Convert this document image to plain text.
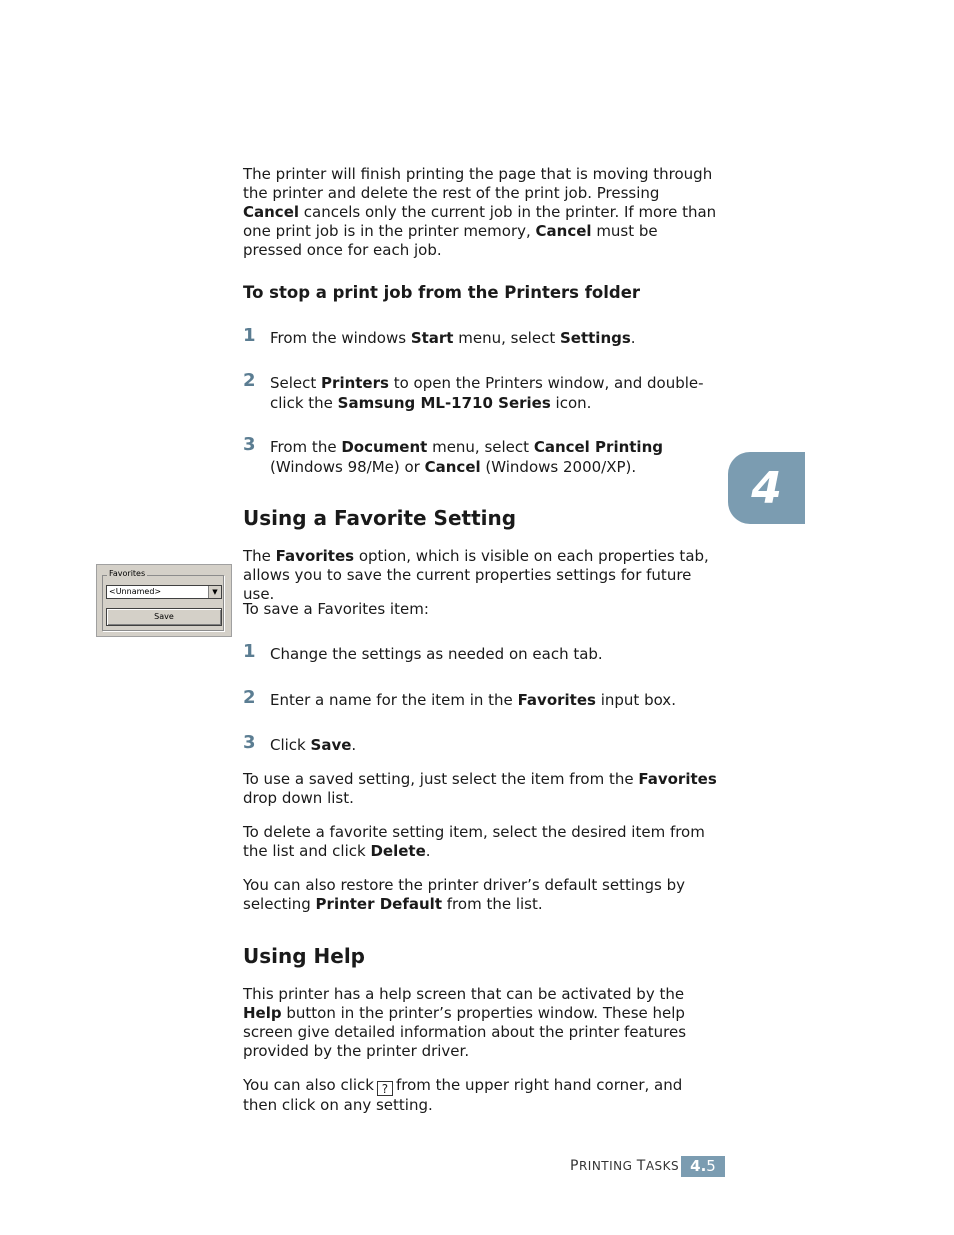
The printer will finish printing the page that is moving through the printer and delete the rest of the print job. Pressing Cancel cancels only the current job in the printer. If more than one print job is in the printer memory, Cancel must be pressed once for each job.

To stop a print job from the Printers folder
1 From the windows Start menu, select Settings.

2 Select Printers to open the Printers window, and double-click the Samsung ML-1710 Series icon.

3 From the Document menu, select Cancel Printing (Windows 98/Me) or Cancel (Windows 2000/XP).	4
Using a Favorite Setting

The Favorites option, which is visible on each properties tab, allows you to save the current properties settings for future use.

To save a Favorites item:

Favorites
<Unnamed>	▼
Save
1 Change the settings as needed on each tab.

2 Enter a name for the item in the Favorites input box.

3 Click Save.

To use a saved setting, just select the item from the Favorites drop down list.

To delete a favorite setting item, select the desired item from the list and click Delete.

You can also restore the printer driver’s default settings by selecting Printer Default from the list.

Using Help

This printer has a help screen that can be activated by the Help button in the printer’s properties window. These help screen give detailed information about the printer features provided by the printer driver.

You can also click ? from the upper right hand corner, and then click on any setting.

PRINTING TASKS 4.5
